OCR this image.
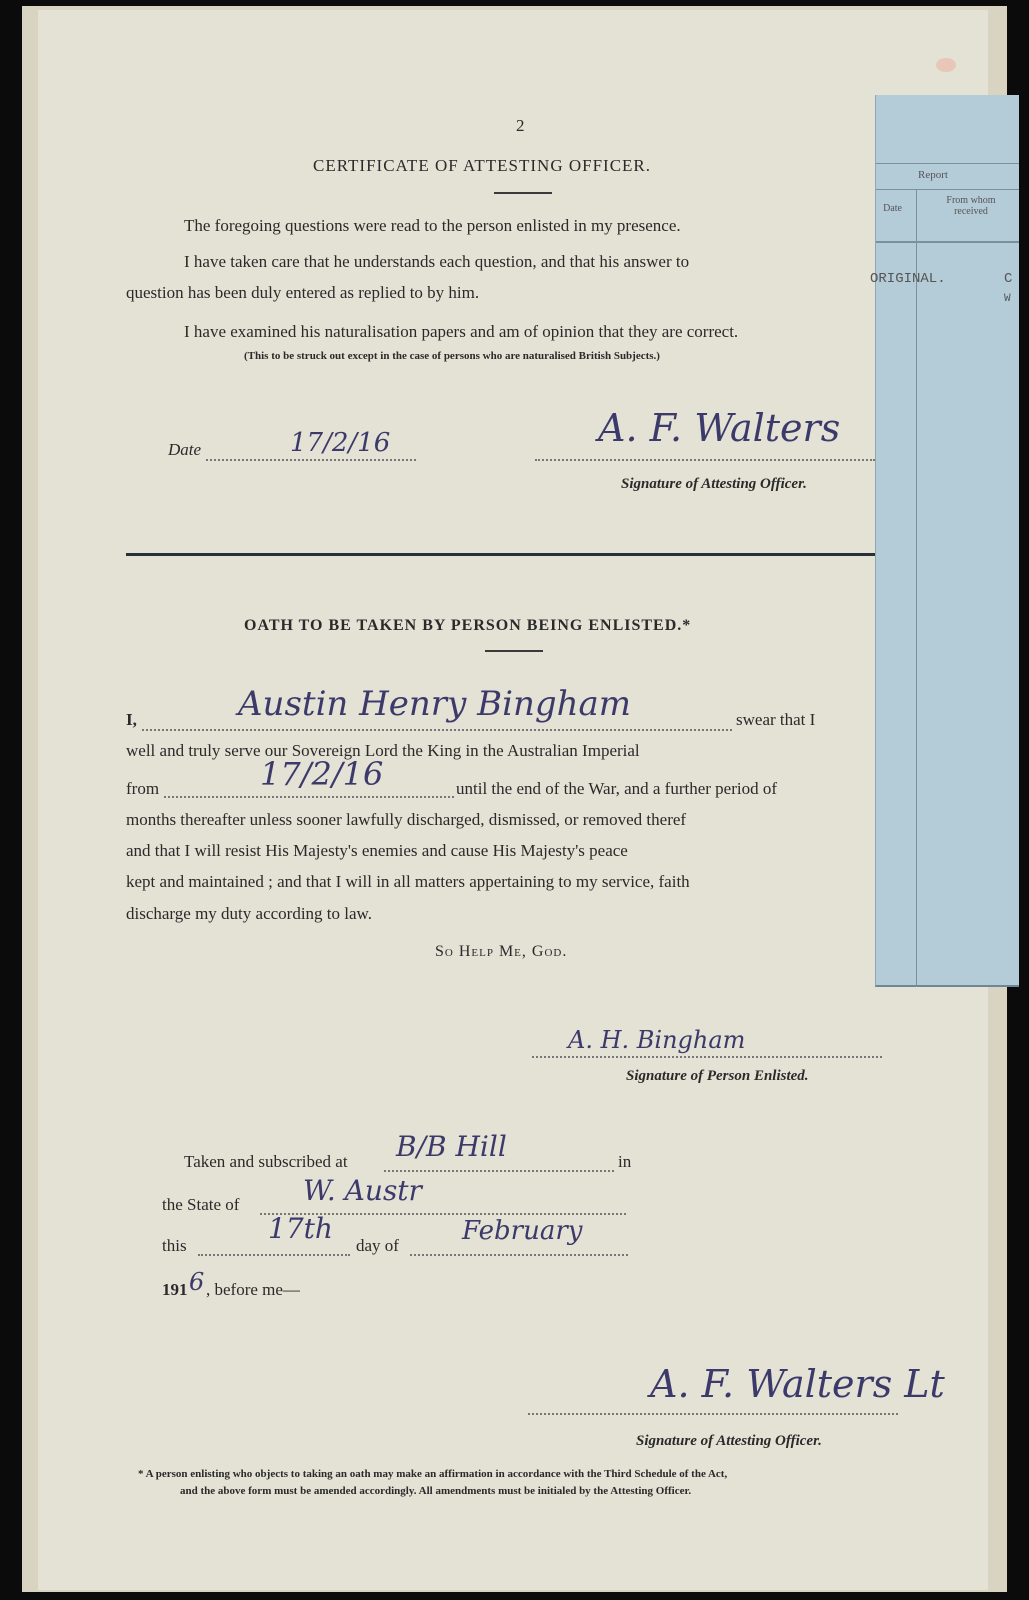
2
CERTIFICATE OF ATTESTING OFFICER.
The foregoing questions were read to the person enlisted in my presence.
I have taken care that he understands each question, and that his answer to
question has been duly entered as replied to by him.
I have examined his naturalisation papers and am of opinion that they are correct.
(This to be struck out except in the case of persons who are naturalised British Subjects.)
Date	17/2/16	A. F. Walters
Signature of Attesting Officer.
OATH TO BE TAKEN BY PERSON BEING ENLISTED.*
I,	Austin Henry Bingham	swear that I
well and truly serve our Sovereign Lord the King in the Australian Imperial
from	17/2/16	until the end of the War, and a further period of
months thereafter unless sooner lawfully discharged, dismissed, or removed theref
and that I will resist His Majesty's enemies and cause His Majesty's peace
kept and maintained ; and that I will in all matters appertaining to my service, faith
discharge my duty according to law.
So Help Me, God.
A. H. Bingham
Signature of Person Enlisted.
Taken and subscribed at B/B Hill	in
the State of W. Austr
this
17th
day of February
191 6 , before me—
A. F. Walters Lt
Signature of Attesting Officer.
* A person enlisting who objects to taking an oath may make an affirmation in accordance with the Third Schedule of the Act,
and the above form must be amended accordingly. All amendments must be initialed by the Attesting Officer.
Report
Date
From whom received
ORIGINAL.	C
W
